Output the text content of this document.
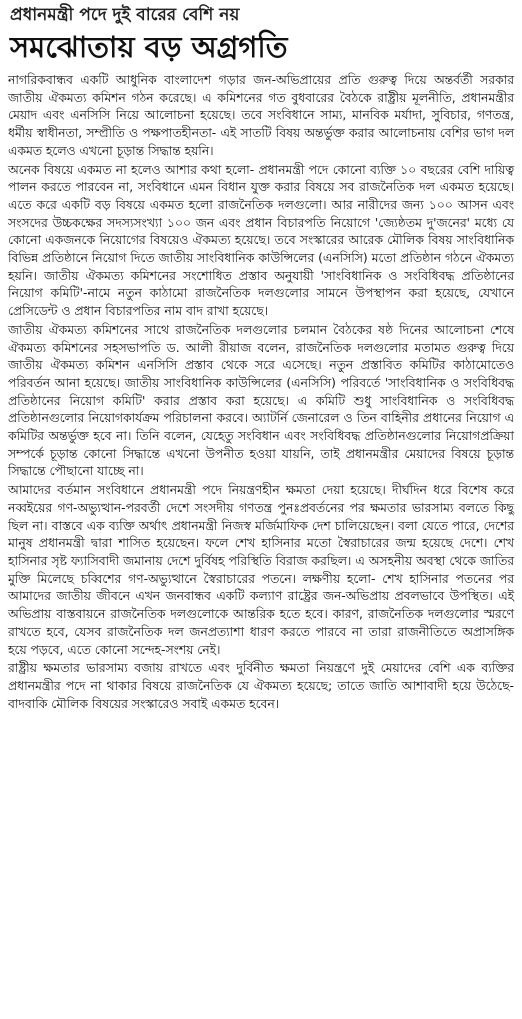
প্রধানমন্ত্রী পদে দুই বারের বেশি নয়
সমঝোতায় বড় অগ্রগতি

নাগরিকবান্ধব একটি আধুনিক বাংলাদেশ গড়ার জন-অভিপ্রায়ের প্রতি গুরুত্ব দিয়ে অন্তর্বর্তী সরকার জাতীয় ঐকমত্য কমিশন গঠন করেছে। এ কমিশনের গত বুধবারের বৈঠকে রাষ্ট্রীয় মূলনীতি, প্রধানমন্ত্রীর মেয়াদ এবং এনসিসি নিয়ে আলোচনা হয়েছে। তবে সংবিধানে সাম্য, মানবিক মর্যাদা, সুবিচার, গণতন্ত্র, ধর্মীয় স্বাধীনতা, সম্প্রীতি ও পক্ষপাতহীনতা- এই সাতটি বিষয় অন্তর্ভুক্ত করার আলোচনায় বেশির ভাগ দল একমত হলেও এখনো চূড়ান্ত সিদ্ধান্ত হয়নি।

অনেক বিষয়ে একমত না হলেও আশার কথা হলো- প্রধানমন্ত্রী পদে কোনো ব্যক্তি ১০ বছরের বেশি দায়িত্ব পালন করতে পারবেন না, সংবিধানে এমন বিধান যুক্ত করার বিষয়ে সব রাজনৈতিক দল একমত হয়েছে। এতে করে একটি বড় বিষয়ে একমত হলো রাজনৈতিক দলগুলো। আর নারীদের জন্য ১০০ আসন এবং সংসদের উচ্চকক্ষের সদস্যসংখ্যা ১০০ জন এবং প্রধান বিচারপতি নিয়োগে 'জ্যেষ্ঠতম দু'জনের' মধ্যে যে কোনো একজনকে নিয়োগের বিষয়েও ঐকমত্য হয়েছে। তবে সংস্কারের আরেক মৌলিক বিষয় সাংবিধানিক বিভিন্ন প্রতিষ্ঠানে নিয়োগ দিতে জাতীয় সাংবিধানিক কাউন্সিলের (এনসিসি) মতো প্রতিষ্ঠান গঠনে ঐকমত্য হয়নি। জাতীয় ঐকমত্য কমিশনের সংশোধিত প্রস্তাব অনুযায়ী 'সাংবিধানিক ও সংবিধিবদ্ধ প্রতিষ্ঠানের নিয়োগ কমিটি'-নামে নতুন কাঠামো রাজনৈতিক দলগুলোর সামনে উপস্থাপন করা হয়েছে, যেখানে প্রেসিডেন্ট ও প্রধান বিচারপতির নাম বাদ রাখা হয়েছে।

জাতীয় ঐকমত্য কমিশনের সাথে রাজনৈতিক দলগুলোর চলমান বৈঠকের ষষ্ঠ দিনের আলোচনা শেষে ঐকমত্য কমিশনের সহসভাপতি ড. আলী রীয়াজ বলেন, রাজনৈতিক দলগুলোর মতামত গুরুত্ব দিয়ে জাতীয় ঐকমত্য কমিশন এনসিসি প্রস্তাব থেকে সরে এসেছে। নতুন প্রস্তাবিত কমিটির কাঠামোতেও পরিবর্তন আনা হয়েছে। জাতীয় সাংবিধানিক কাউন্সিলের (এনসিসি) পরিবর্তে 'সাংবিধানিক ও সংবিধিবদ্ধ প্রতিষ্ঠানের নিয়োগ কমিটি' করার প্রস্তাব করা হয়েছে। এ কমিটি শুধু সাংবিধানিক ও সংবিধিবদ্ধ প্রতিষ্ঠানগুলোর নিয়োগকার্যক্রম পরিচালনা করবে। অ্যাটর্নি জেনারেল ও তিন বাহিনীর প্রধানের নিয়োগ এ কমিটির অন্তর্ভুক্ত হবে না। তিনি বলেন, যেহেতু সংবিধান এবং সংবিধিবদ্ধ প্রতিষ্ঠানগুলোর নিয়োগপ্রক্রিয়া সম্পর্কে চূড়ান্ত কোনো সিদ্ধান্তে এখনো উপনীত হওয়া যায়নি, তাই প্রধানমন্ত্রীর মেয়াদের বিষয়ে চূড়ান্ত সিদ্ধান্তে পৌছানো যাচ্ছে না।

আমাদের বর্তমান সংবিধানে প্রধানমন্ত্রী পদে নিয়ন্ত্রণহীন ক্ষমতা দেয়া হয়েছে। দীর্ঘদিন ধরে বিশেষ করে নব্বইয়ের গণ-অভ্যুত্থান-পরবর্তী দেশে সংসদীয় গণতন্ত্র পুনঃপ্রবর্তনের পর ক্ষমতার ভারসাম্য বলতে কিছু ছিল না। বাস্তবে এক ব্যক্তি অর্থাৎ প্রধানমন্ত্রী নিজস্ব মর্জিমাফিক দেশ চালিয়েছেন। বলা যেতে পারে, দেশের মানুষ প্রধানমন্ত্রী দ্বারা শাসিত হয়েছেন। ফলে শেখ হাসিনার মতো স্বৈরাচারের জন্ম হয়েছে দেশে। শেখ হাসিনার সৃষ্ট ফ্যাসিবাদী জমানায় দেশে দুর্বিষহ পরিস্থিতি বিরাজ করছিল। এ অসহনীয় অবস্থা থেকে জাতির মুক্তি মিলেছে চব্বিশের গণ-অভ্যুত্থানে স্বৈরাচারের পতনে। লক্ষণীয় হলো- শেখ হাসিনার পতনের পর আমাদের জাতীয় জীবনে এখন জনবান্ধব একটি কল্যাণ রাষ্ট্রের জন-অভিপ্রায় প্রবলভাবে উপস্থিত। এই অভিপ্রায় বাস্তবায়নে রাজনৈতিক দলগুলোকে আন্তরিক হতে হবে। কারণ, রাজনৈতিক দলগুলোর স্মরণে রাখতে হবে, যেসব রাজনৈতিক দল জনপ্রত্যাশা ধারণ করতে পারবে না তারা রাজনীতিতে অপ্রাসঙ্গিক হয়ে পড়বে, এতে কোনো সন্দেহ-সংশয় নেই।

রাষ্ট্রীয় ক্ষমতার ভারসাম্য বজায় রাখতে এবং দুর্বিনীত ক্ষমতা নিয়ন্ত্রণে দুই মেয়াদের বেশি এক ব্যক্তির প্রধানমন্ত্রীর পদে না থাকার বিষয়ে রাজনৈতিক যে ঐকমত্য হয়েছে; তাতে জাতি আশাবাদী হয়ে উঠেছে- বাদবাকি মৌলিক বিষয়ের সংস্কারেও সবাই একমত হবেন।
